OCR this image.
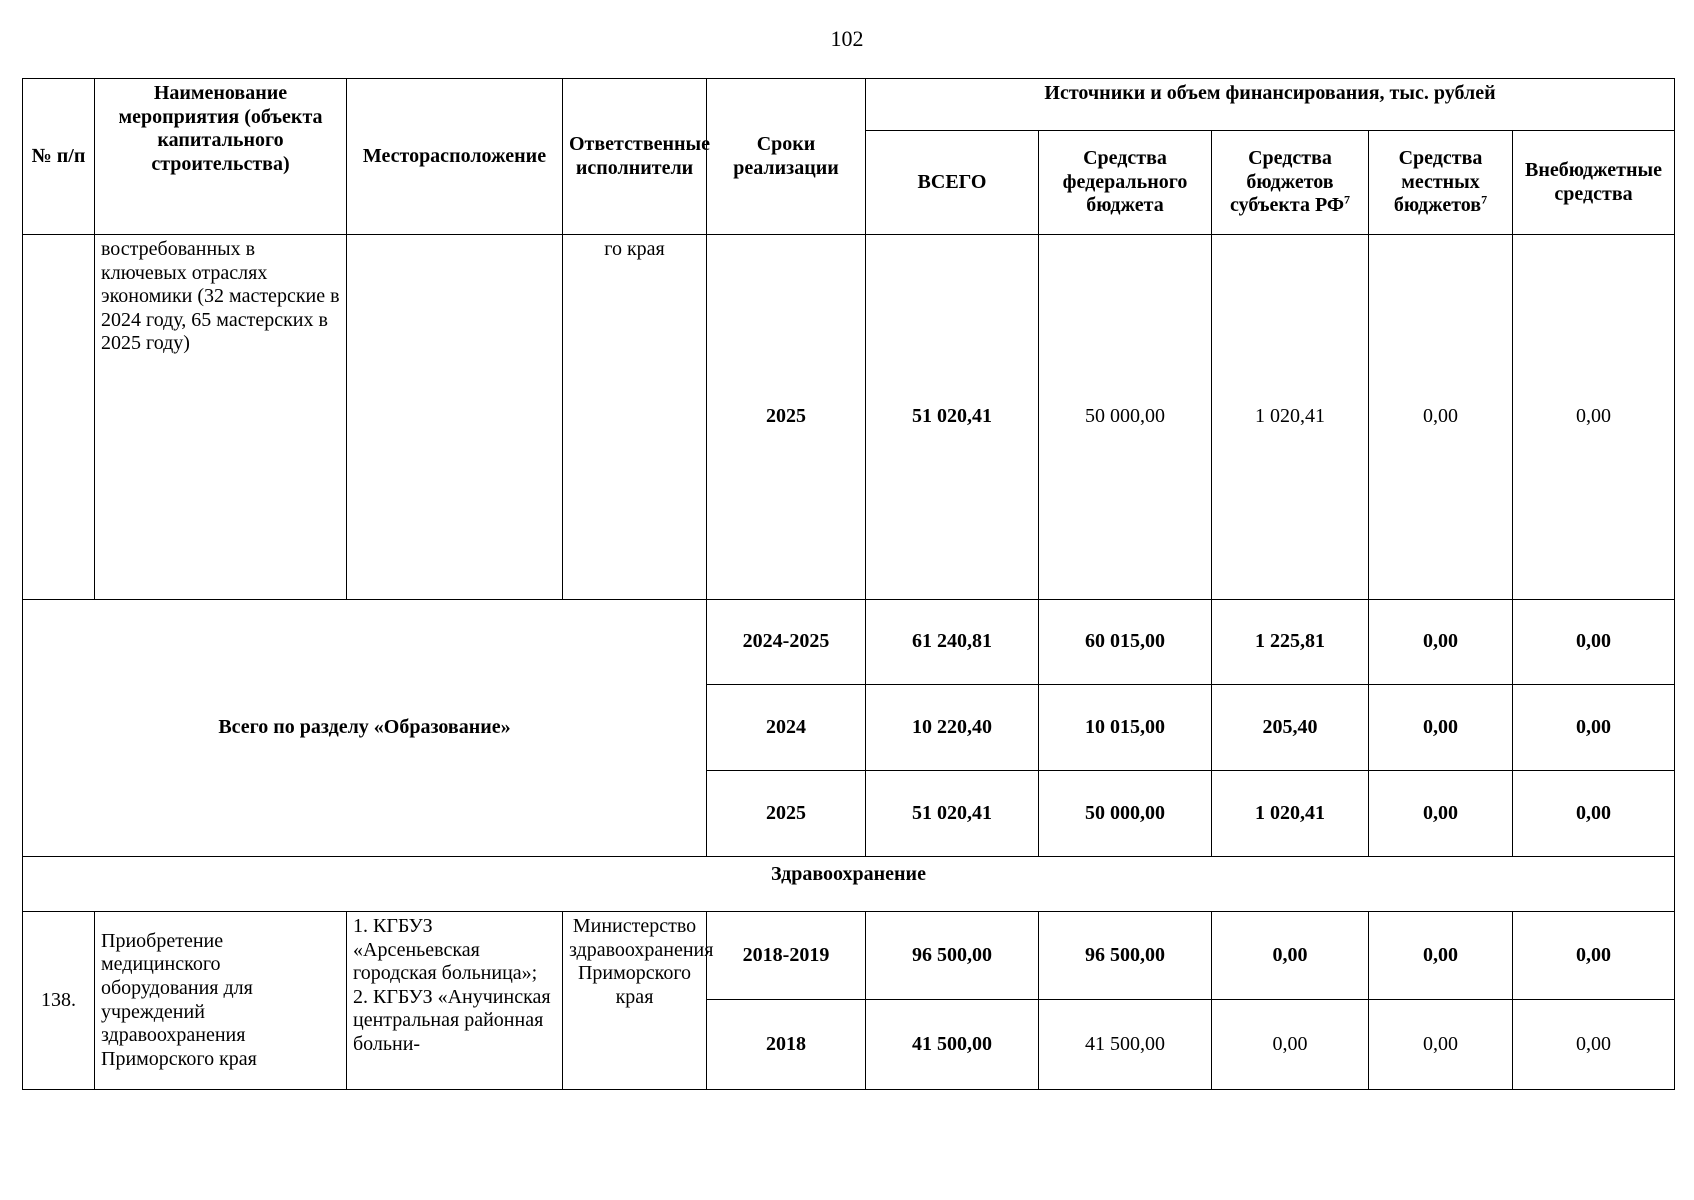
102
№ п/п	Наименование мероприятия (объекта капитального строительства)	Месторасположение	Ответственные исполнители	Сроки реализации	Источники и объем финансирования, тыс. рублей				
					ВСЕГО	Средства федерального бюджета	Средства бюджетов субъекта $РФ^7$	Средства местных бюджетов$^7$	Внебюджетные средства
	востребованных в ключевых отраслях экономики (32 мастерские в 2024 году, 65 мастерских в 2025 году)		го края	2025	51 020,41	50 000,00	1 020,41	0,00	0,00
Всего по разделу «Образование»				2024-2025	61 240,81	60 015,00	1 225,81	0,00	0,00
				2024	10 220,40	10 015,00	205,40	0,00	0,00
				2025	51 020,41	50 000,00	1 020,41	0,00	0,00
Здравоохранение									
138.	Приобретение медицинского оборудования для учреждений здравоохранения Приморского края	1. КГБУЗ «Арсеньевская городская больница»; 2. КГБУЗ «Анучинская центральная районная больни-	Министерство здравоохранения Приморского края	2018-2019	96 500,00	96 500,00	0,00	0,00	0,00
				2018	41 500,00	41 500,00	0,00	0,00	0,00
